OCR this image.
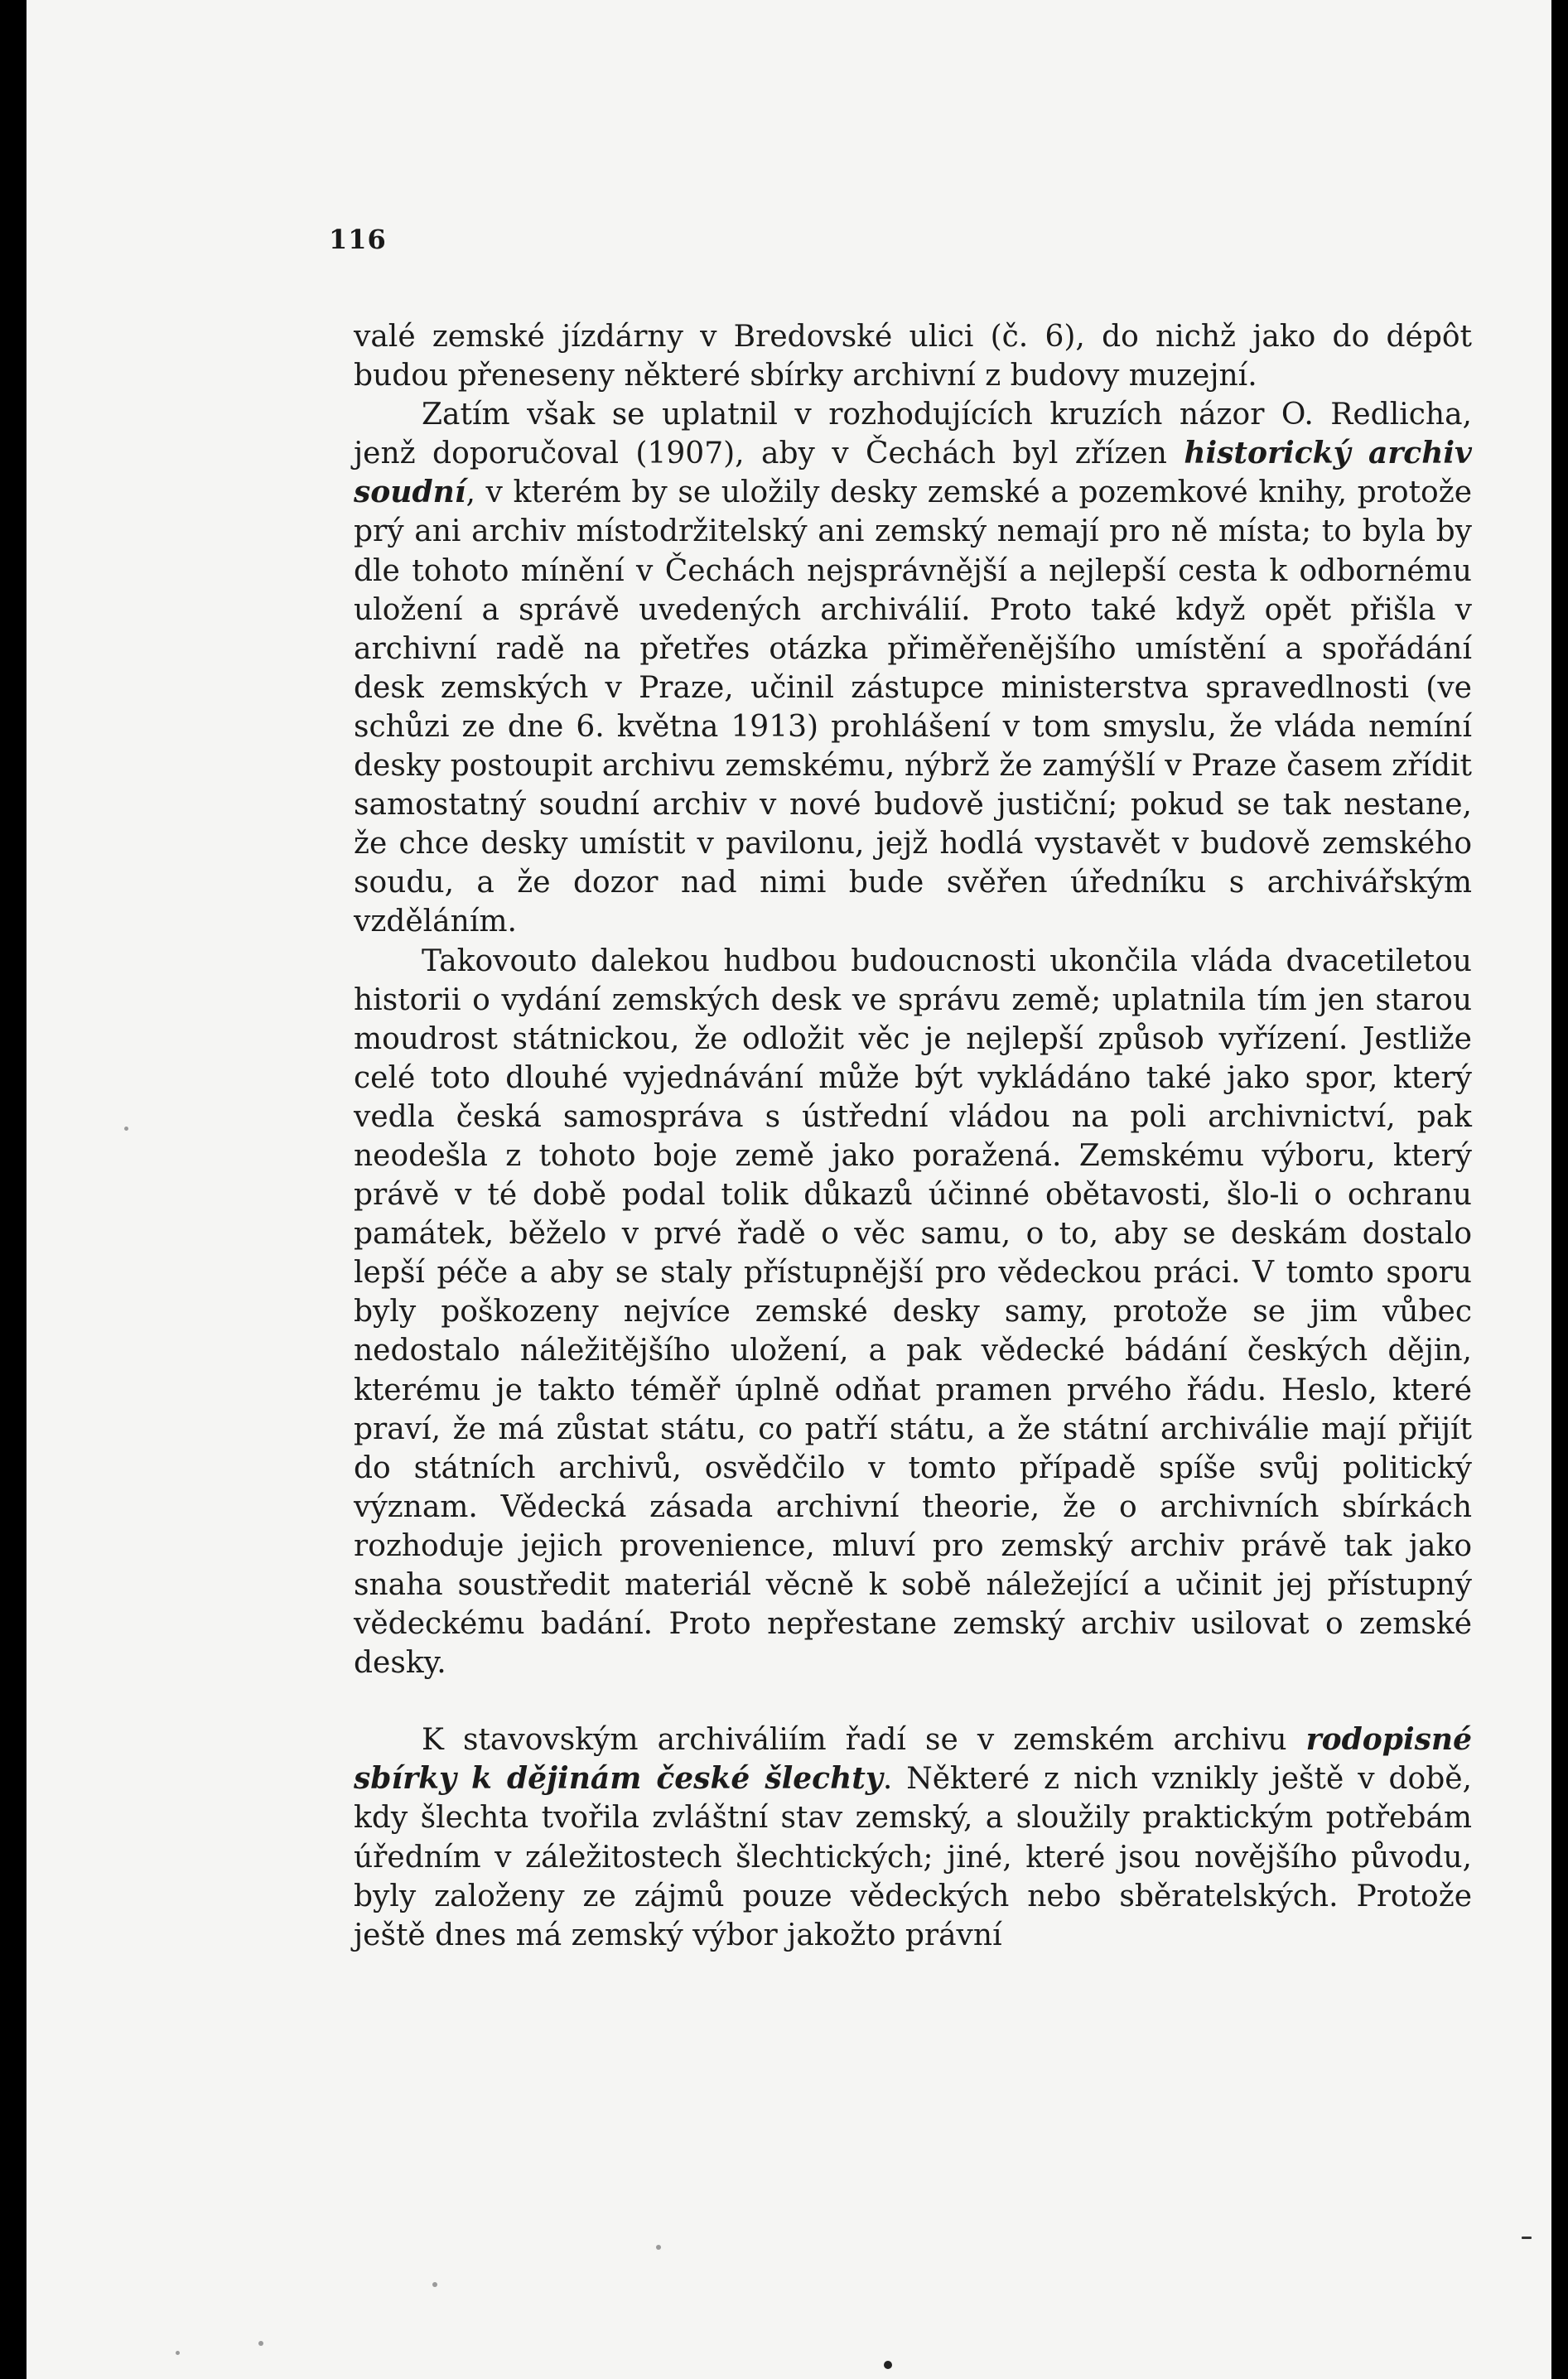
116

valé zemské jízdárny v Bredovské ulici (č. 6), do nichž jako do dépôt budou přeneseny některé sbírky archivní z budovy muzejní.

Zatím však se uplatnil v rozhodujících kruzích názor O. Redlicha, jenž doporučoval (1907), aby v Čechách byl zřízen historický archiv soudní, v kterém by se uložily desky zemské a pozemkové knihy, protože prý ani archiv místodržitelský ani zemský nemají pro ně místa; to byla by dle tohoto mínění v Čechách nejsprávnější a nejlepší cesta k odbornému uložení a správě uvedených archiválií. Proto také když opět přišla v archivní radě na přetřes otázka přiměřenějšího umístění a spořádání desk zemských v Praze, učinil zástupce ministerstva spravedlnosti (ve schůzi ze dne 6. května 1913) prohlášení v tom smyslu, že vláda nemíní desky postoupit archivu zemskému, nýbrž že zamýšlí v Praze časem zřídit samostatný soudní archiv v nové budově justiční; pokud se tak nestane, že chce desky umístit v pavilonu, jejž hodlá vystavět v budově zemského soudu, a že dozor nad nimi bude svěřen úředníku s archivářským vzděláním.

Takovouto dalekou hudbou budoucnosti ukončila vláda dvacetiletou historii o vydání zemských desk ve správu země; uplatnila tím jen starou moudrost státnickou, že odložit věc je nejlepší způsob vyřízení. Jestliže celé toto dlouhé vyjednávání může být vykládáno také jako spor, který vedla česká samospráva s ústřední vládou na poli archivnictví, pak neodešla z tohoto boje země jako poražená. Zemskému výboru, který právě v té době podal tolik důkazů účinné obětavosti, šlo-li o ochranu památek, běželo v prvé řadě o věc samu, o to, aby se deskám dostalo lepší péče a aby se staly přístupnější pro vědeckou práci. V tomto sporu byly poškozeny nejvíce zemské desky samy, protože se jim vůbec nedostalo náležitějšího uložení, a pak vědecké bádání českých dějin, kterému je takto téměř úplně odňat pramen prvého řádu. Heslo, které praví, že má zůstat státu, co patří státu, a že státní archiválie mají přijít do státních archivů, osvědčilo v tomto případě spíše svůj politický význam. Vědecká zásada archivní theorie, že o archivních sbírkách rozhoduje jejich provenience, mluví pro zemský archiv právě tak jako snaha soustředit materiál věcně k sobě náležející a učinit jej přístupný vědeckému badání. Proto nepřestane zemský archiv usilovat o zemské desky.

K stavovským archiváliím řadí se v zemském archivu rodopisné sbírky k dějinám české šlechty. Některé z nich vznikly ještě v době, kdy šlechta tvořila zvláštní stav zemský, a sloužily praktickým potřebám úředním v záležitostech šlechtických; jiné, které jsou novějšího původu, byly založeny ze zájmů pouze vědeckých nebo sběratelských. Protože ještě dnes má zemský výbor jakožto právní
